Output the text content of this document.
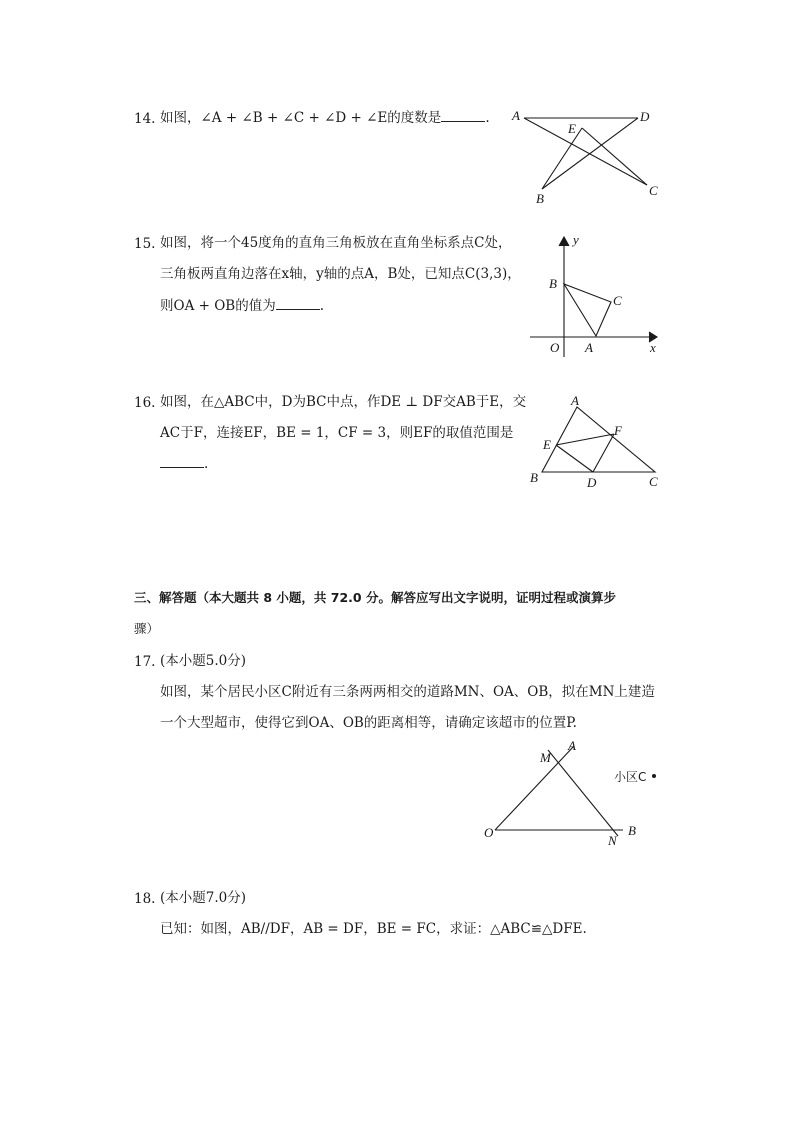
14. 如图，∠A + ∠B + ∠C + ∠D + ∠E的度数是	. A	D
E
B
C
15. 如图，将一个45度角的直角三角板放在直角坐标系点C处，
三角板两直角边落在x轴，y轴的点A，B处，已知点C(3,3)，
则OA + OB的值为	.
y
B
C
O A	x
16. 如图，在△ABC中，D为BC中点，作DE ⊥ DF交AB于E，交
AC于F，连接EF，BE = 1，CF = 3，则EF的取值范围是
.
A
F
E
B	D	C
三、解答题（本大题共 8 小题，共 72.0 分。解答应写出文字说明，证明过程或演算步
骤）
17. (本小题5.0分)
如图，某个居民小区C附近有三条两两相交的道路MN、OA、OB，拟在MN上建造
一个大型超市，使得它到OA、OB的距离相等，请确定该超市的位置P.
M
A
小区C
O	B
N
18. (本小题7.0分)
已知：如图，AB//DF，AB = DF，BE = FC，求证：△ABC≌△DFE.
